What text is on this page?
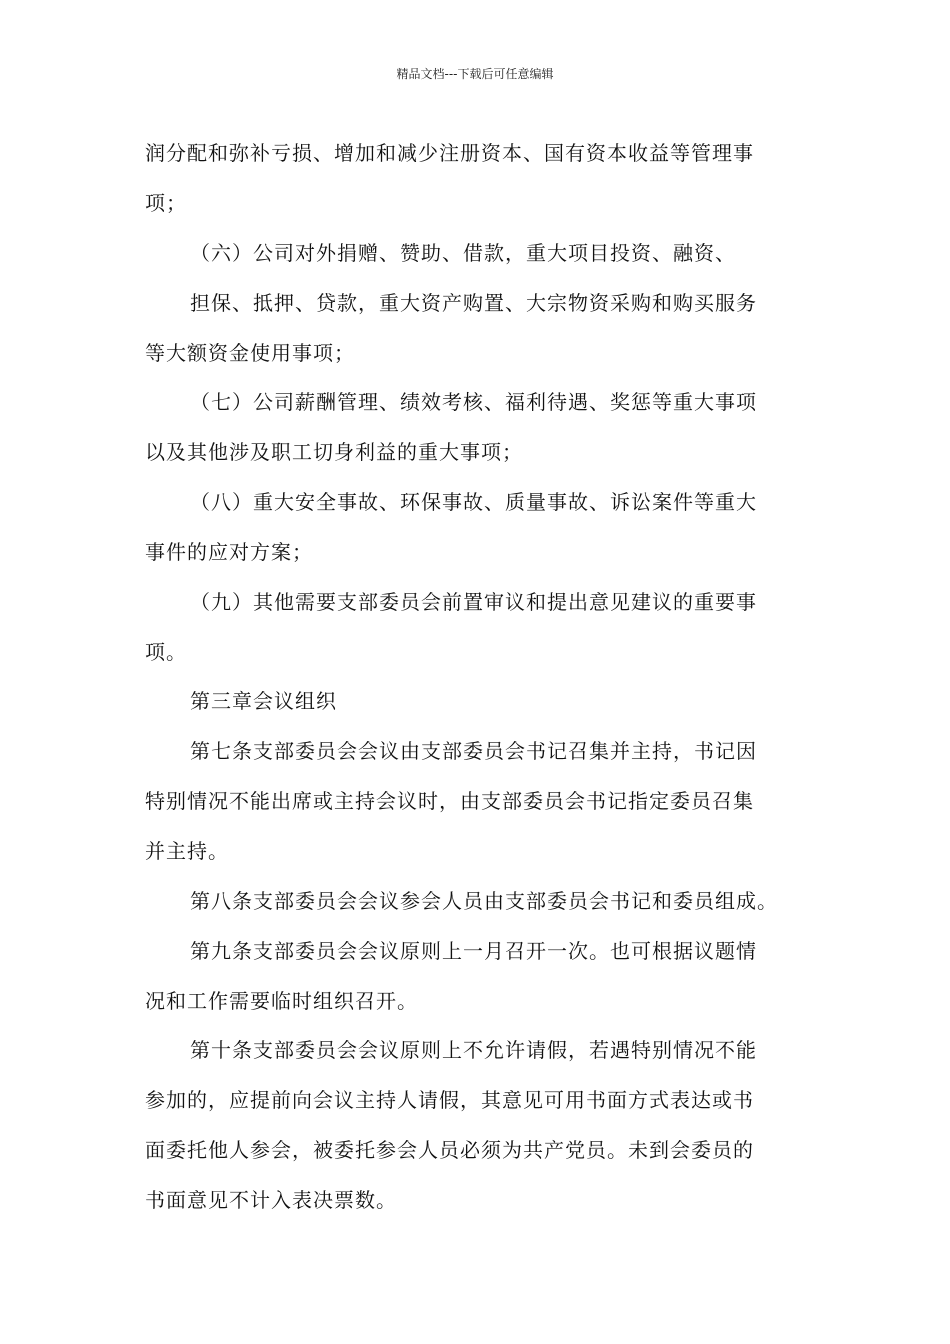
精品文档---下载后可任意编辑
润分配和弥补亏损、增加和减少注册资本、国有资本收益等管理事
项；
（六）公司对外捐赠、赞助、借款，重大项目投资、融资、
担保、抵押、贷款，重大资产购置、大宗物资采购和购买服务
等大额资金使用事项；
（七）公司薪酬管理、绩效考核、福利待遇、奖惩等重大事项
以及其他涉及职工切身利益的重大事项；
（八）重大安全事故、环保事故、质量事故、诉讼案件等重大
事件的应对方案；
（九）其他需要支部委员会前置审议和提出意见建议的重要事
项。
第三章会议组织
第七条支部委员会会议由支部委员会书记召集并主持，书记因
特别情况不能出席或主持会议时，由支部委员会书记指定委员召集
并主持。
第八条支部委员会会议参会人员由支部委员会书记和委员组成。
第九条支部委员会会议原则上一月召开一次。也可根据议题情
况和工作需要临时组织召开。
第十条支部委员会会议原则上不允许请假，若遇特别情况不能
参加的，应提前向会议主持人请假，其意见可用书面方式表达或书
面委托他人参会，被委托参会人员必须为共产党员。未到会委员的
书面意见不计入表决票数。
